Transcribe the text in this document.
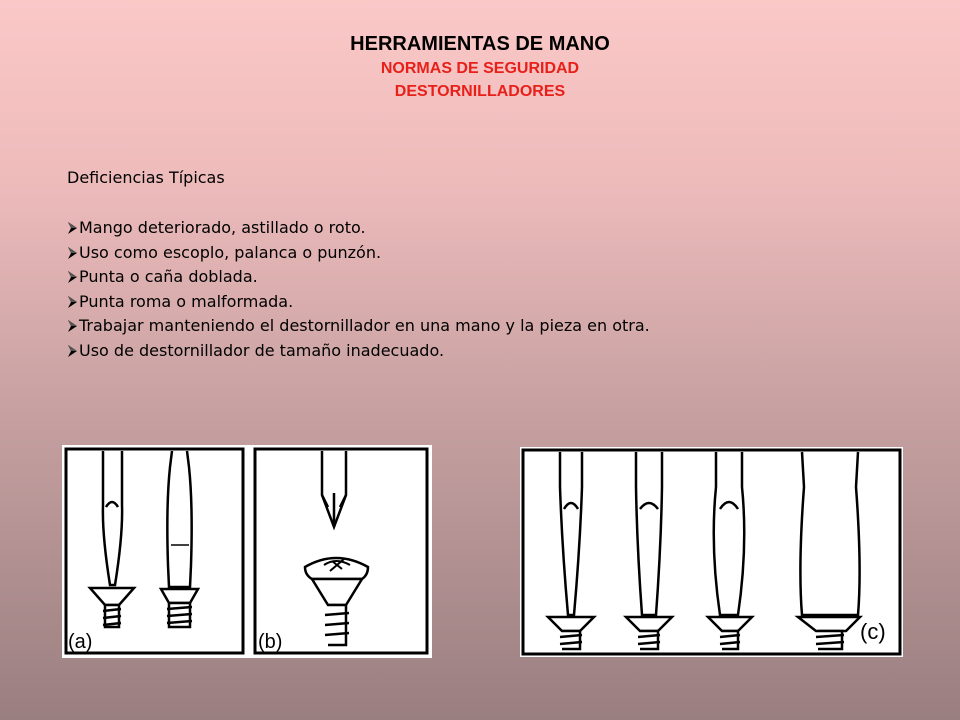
HERRAMIENTAS DE MANO
NORMAS DE SEGURIDAD
DESTORNILLADORES
Deficiencias Típicas
Mango deteriorado, astillado o roto.
Uso como escoplo, palanca o punzón.
Punta o caña doblada.
Punta roma o malformada.
Trabajar manteniendo el destornillador en una mano y la pieza en otra.
Uso de destornillador de tamaño inadecuado.
(a)	(b)	(c)
